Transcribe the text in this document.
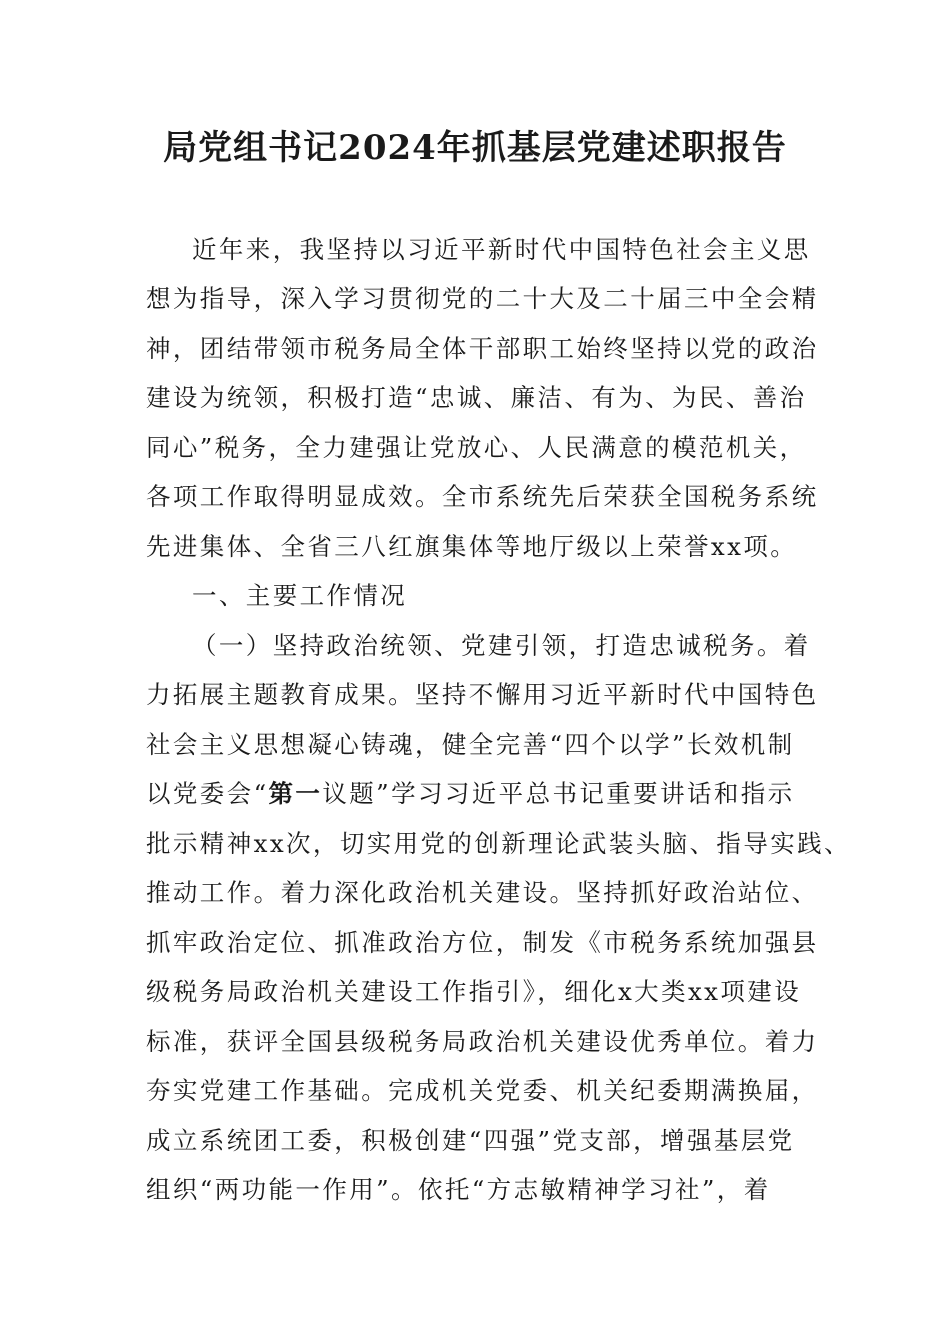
局党组书记2024年抓基层党建述职报告
近年来，我坚持以习近平新时代中国特色社会主义思
想为指导，深入学习贯彻党的二十大及二十届三中全会精
神，团结带领市税务局全体干部职工始终坚持以党的政治
建设为统领，积极打造“忠诚、廉洁、有为、为民、善治
同心”税务，全力建强让党放心、人民满意的模范机关，
各项工作取得明显成效。全市系统先后荣获全国税务系统
先进集体、全省三八红旗集体等地厅级以上荣誉xx项。
一、主要工作情况
（一）坚持政治统领、党建引领，打造忠诚税务。着
力拓展主题教育成果。坚持不懈用习近平新时代中国特色
社会主义思想凝心铸魂，健全完善“四个以学”长效机制
以党委会“第一议题”学习习近平总书记重要讲话和指示
批示精神xx次，切实用党的创新理论武装头脑、指导实践、
推动工作。着力深化政治机关建设。坚持抓好政治站位、
抓牢政治定位、抓准政治方位，制发《市税务系统加强县
级税务局政治机关建设工作指引》，细化x大类xx项建设
标准，获评全国县级税务局政治机关建设优秀单位。着力
夯实党建工作基础。完成机关党委、机关纪委期满换届，
成立系统团工委，积极创建“四强”党支部，增强基层党
组织“两功能一作用”。依托“方志敏精神学习社”，着
